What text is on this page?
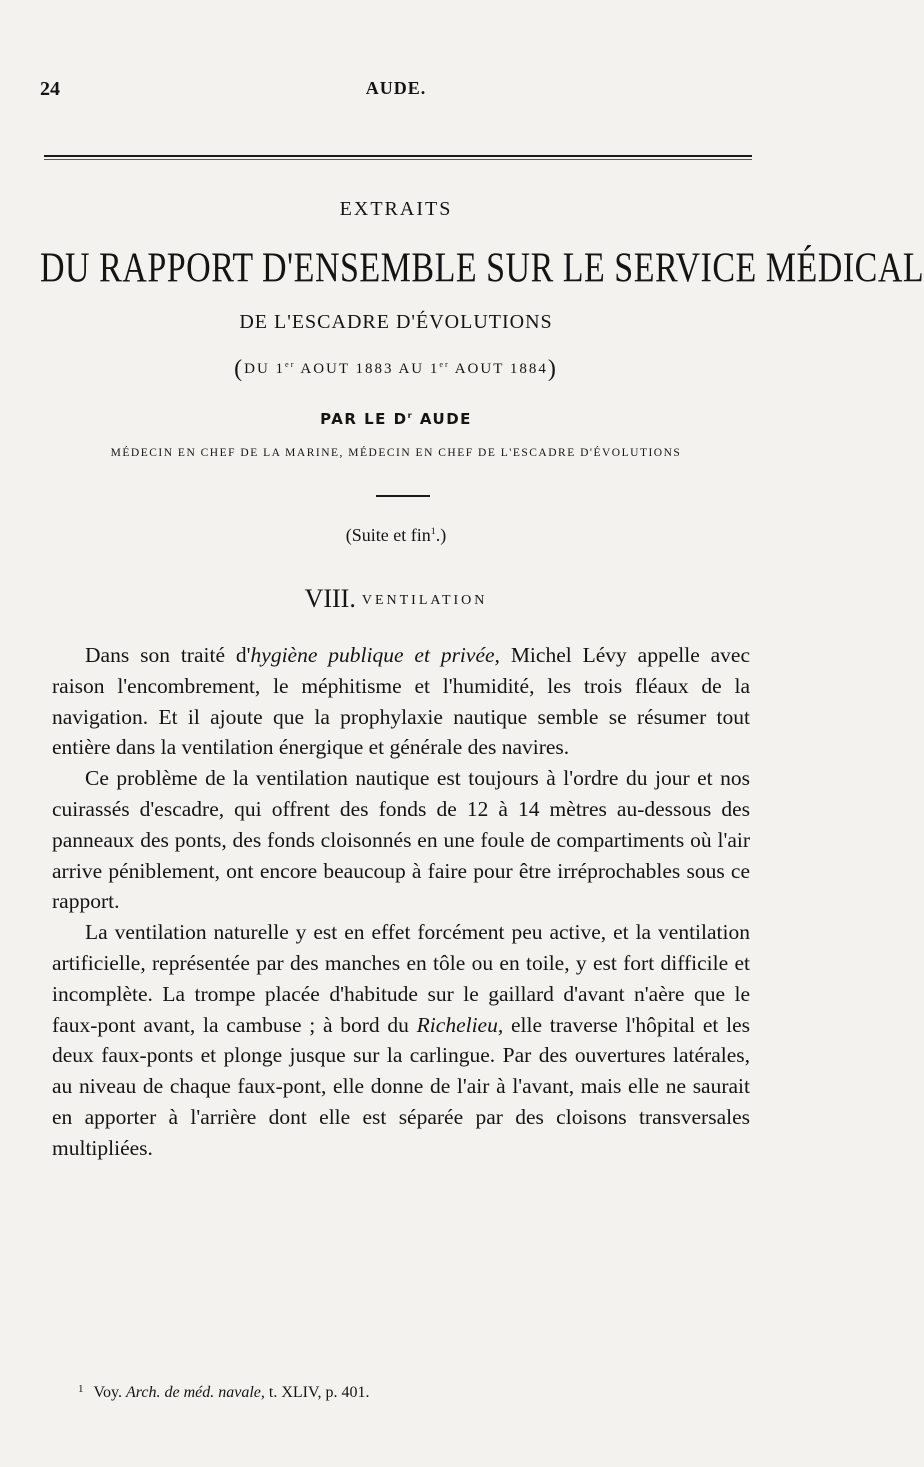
24	AUDE.
EXTRAITS
DU RAPPORT D'ENSEMBLE SUR LE SERVICE MÉDICAL
DE L'ESCADRE D'ÉVOLUTIONS
(DU 1er AOUT 1883 AU 1er AOUT 1884)
PAR LE $D^r$ AUDE
MÉDECIN EN CHEF DE LA MARINE, MÉDECIN EN CHEF DE L'ESCADRE D'ÉVOLUTIONS
(Suite et fin$^1$.)
VIII. VENTILATION

Dans son traité d'hygiène publique et privée, Michel Lévy appelle avec raison l'encombrement, le méphitisme et l'humidité, les trois fléaux de la navigation. Et il ajoute que la prophylaxie nautique semble se résumer tout entière dans la ventilation énergique et générale des navires.

Ce problème de la ventilation nautique est toujours à l'ordre du jour et nos cuirassés d'escadre, qui offrent des fonds de 12 à 14 mètres au-dessous des panneaux des ponts, des fonds cloisonnés en une foule de compartiments où l'air arrive péniblement, ont encore beaucoup à faire pour être irréprochables sous ce rapport.

La ventilation naturelle y est en effet forcément peu active, et la ventilation artificielle, représentée par des manches en tôle ou en toile, y est fort difficile et incomplète. La trompe placée d'habitude sur le gaillard d'avant n'aère que le faux-pont avant, la cambuse ; à bord du Richelieu, elle traverse l'hôpital et les deux faux-ponts et plonge jusque sur la carlingue. Par des ouvertures latérales, au niveau de chaque faux-pont, elle donne de l'air à l'avant, mais elle ne saurait en apporter à l'arrière dont elle est séparée par des cloisons transversales multipliées.

$^1$ Voy. Arch. de méd. navale, t. XLIV, p. 401.
